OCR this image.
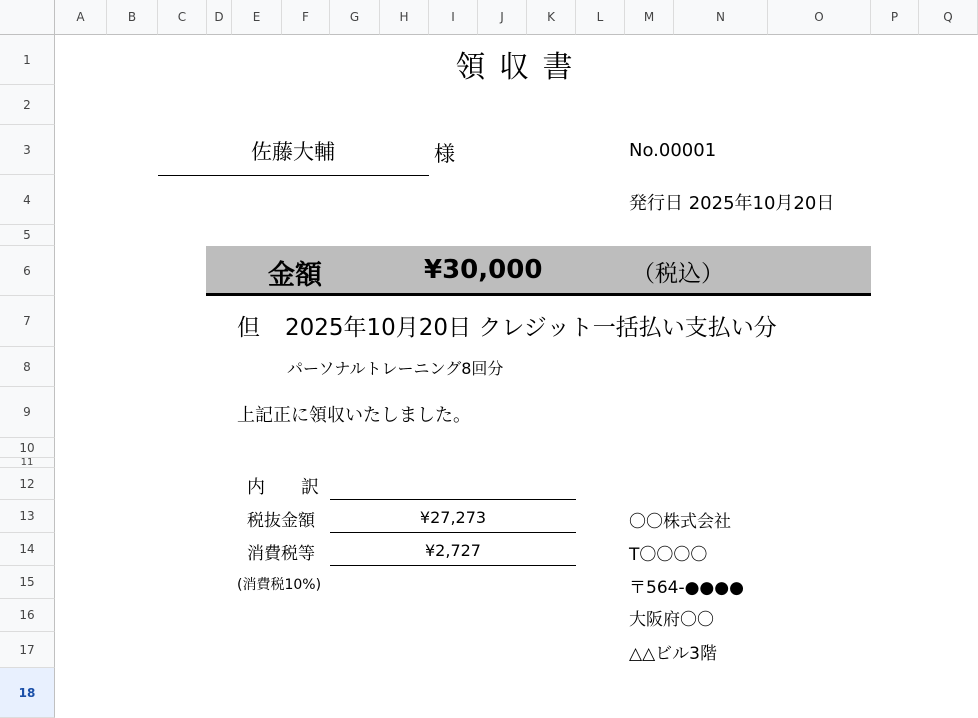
A	B	C	D	E	F	G	H	I	J	K	L	M	N	O	P	Q
1
2
3
4
5
6
7
8
9
10
11
12
13
14
15
16
17
18
領 収 書
佐藤大輔	様	No.00001
発行日 2025年10月20日
金額	¥30,000	（税込）
但 2025年10月20日 クレジット一括払い支払い分
パーソナルトレーニング8回分
上記正に領収いたしました。
内　　訳
税抜金額	¥27,273
消費税等	¥2,727
(消費税10%)
〇〇株式会社
T〇〇〇〇
〒564-●●●●
大阪府〇〇
△△ビル3階
